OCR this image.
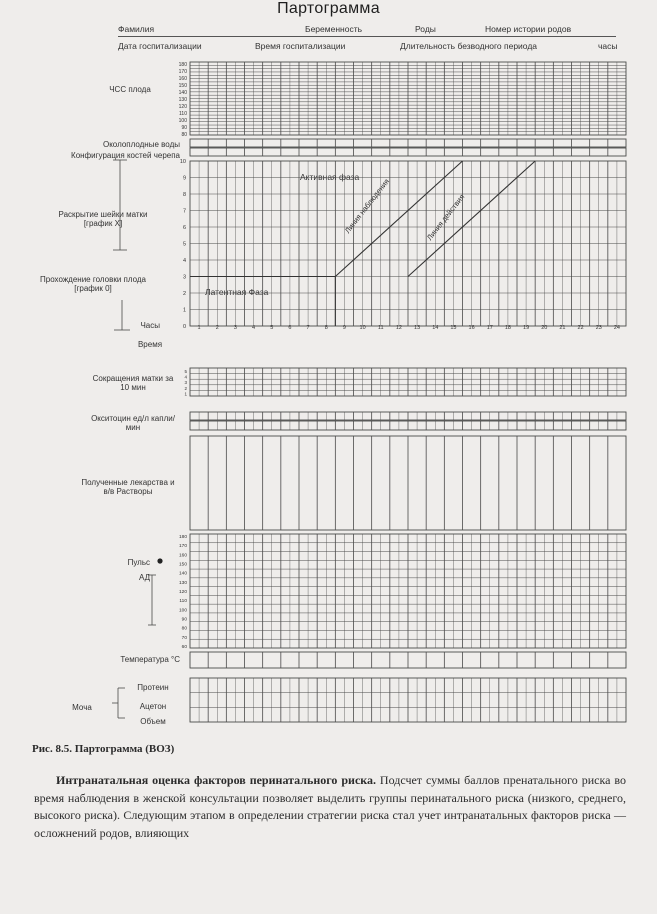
Партограмма
Фамилия	Беременность	Роды	Номер истории родов
Дата госпитализации	Время госпитализации	Длительность безводного периода	часы
ЧСС плода
Околоплодные воды
Конфигурация костей черепа
Раскрытие шейки матки [график X]
Прохождение головки плода [график 0]
Часы
Время
Сокращения матки за 10 мин
Окситоцин ед/л капли/мин
Полученные лекарства и в/в Растворы
Пульс
АД
Температура °С
Моча
Протеин
Ацетон
Объем
Активная фаза
Латентная Фаза
Линия наблюдения	Линия действия
180
170
160
150
140
130
120
110
100
90
80
10
9
8
7
6
5
4
3
2
1
0 1	2	3	4	5	6	7	8	9 10 11 12 13 14 15 16 17 18 19 20 21 22 23 24
5
4
3
2
1
180
170
160
150
140
130
120
110
100
90
80
70
60
Рис. 8.5. Партограмма (ВОЗ)
Интранатальная оценка факторов перинатального риска. Подсчет суммы баллов пренатального риска во время наблюдения в женской консультации позволяет выделить группы перинатального риска (низкого, среднего, высокого риска). Следующим этапом в определении стратегии риска стал учет интранатальных факторов риска — осложнений родов, влияющих
